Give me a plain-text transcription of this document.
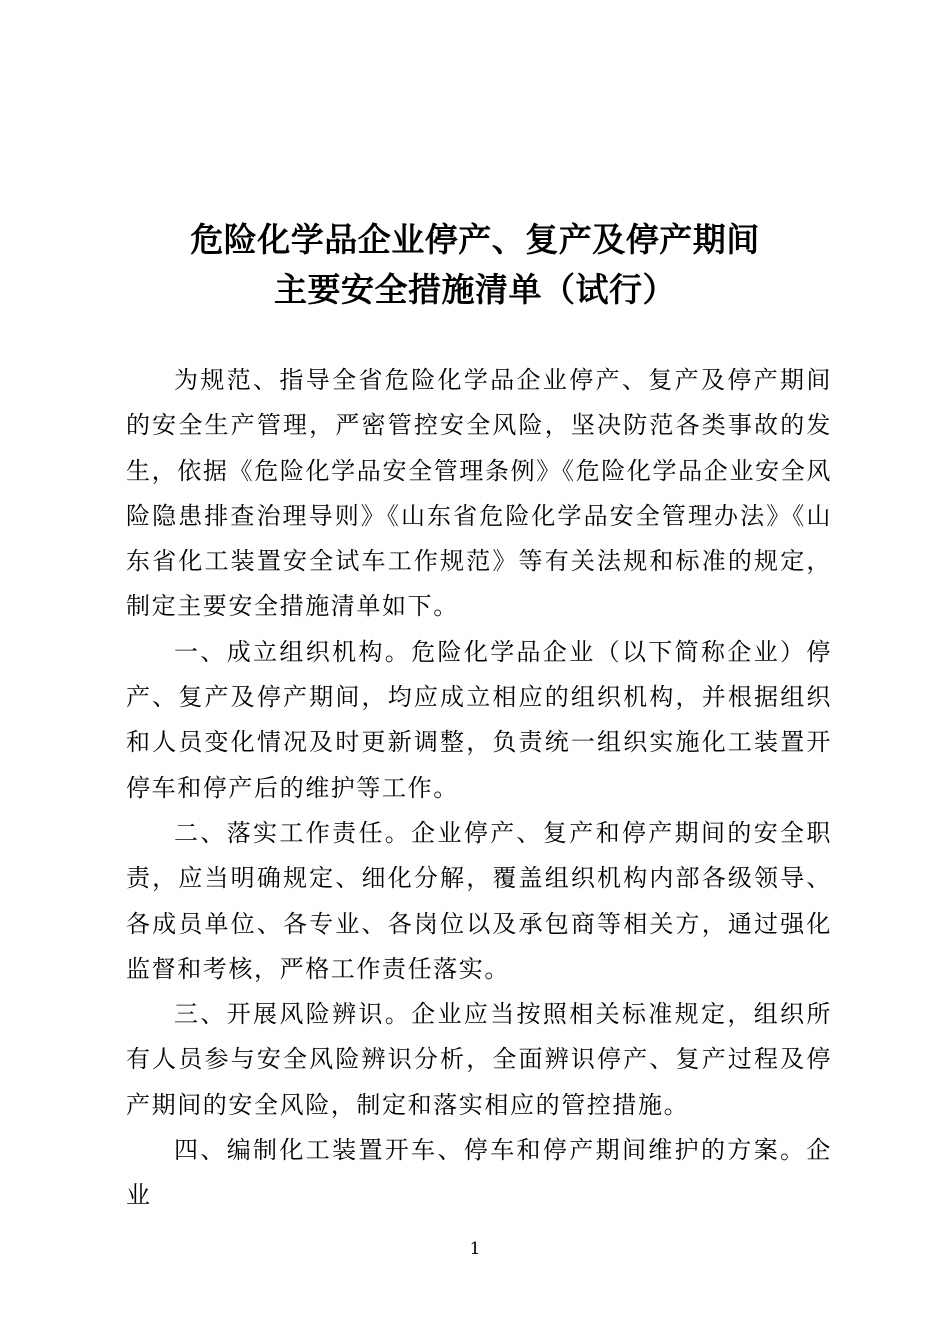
危险化学品企业停产、复产及停产期间
主要安全措施清单（试行）

为规范、指导全省危险化学品企业停产、复产及停产期间的安全生产管理，严密管控安全风险，坚决防范各类事故的发生，依据《危险化学品安全管理条例》《危险化学品企业安全风险隐患排查治理导则》《山东省危险化学品安全管理办法》《山东省化工装置安全试车工作规范》等有关法规和标准的规定，制定主要安全措施清单如下。

一、成立组织机构。危险化学品企业（以下简称企业）停产、复产及停产期间，均应成立相应的组织机构，并根据组织和人员变化情况及时更新调整，负责统一组织实施化工装置开停车和停产后的维护等工作。

二、落实工作责任。企业停产、复产和停产期间的安全职责，应当明确规定、细化分解，覆盖组织机构内部各级领导、各成员单位、各专业、各岗位以及承包商等相关方，通过强化监督和考核，严格工作责任落实。

三、开展风险辨识。企业应当按照相关标准规定，组织所有人员参与安全风险辨识分析，全面辨识停产、复产过程及停产期间的安全风险，制定和落实相应的管控措施。

四、编制化工装置开车、停车和停产期间维护的方案。企业

1
